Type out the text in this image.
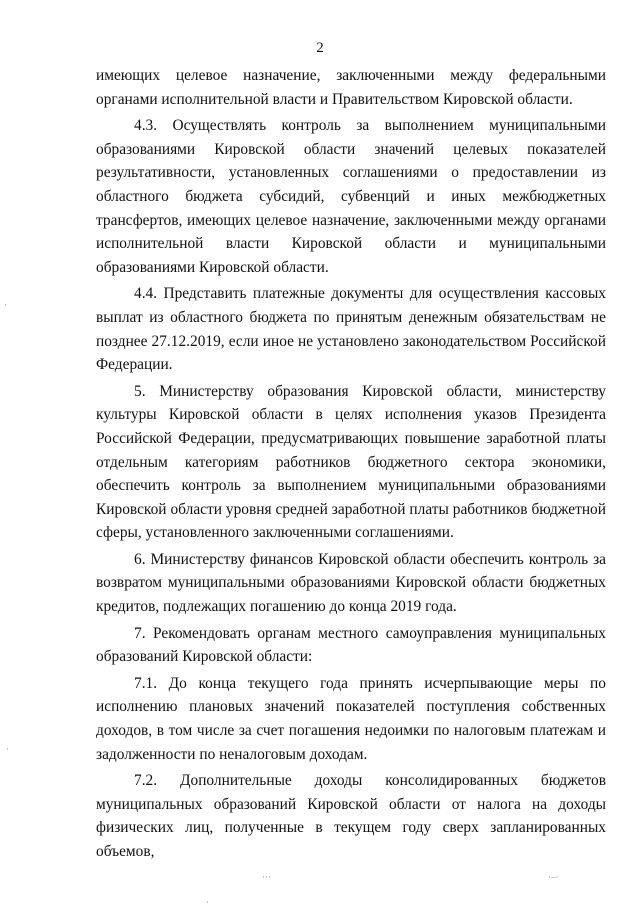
2

имеющих целевое назначение, заключенными между федеральными органами исполнительной власти и Правительством Кировской области.

4.3. Осуществлять контроль за выполнением муниципальными образованиями Кировской области значений целевых показателей результативности, установленных соглашениями о предоставлении из областного бюджета субсидий, субвенций и иных межбюджетных трансфертов, имеющих целевое назначение, заключенными между органами исполнительной власти Кировской области и муниципальными образованиями Кировской области.

4.4. Представить платежные документы для осуществления кассовых выплат из областного бюджета по принятым денежным обязательствам не позднее 27.12.2019, если иное не установлено законодательством Российской Федерации.

5. Министерству образования Кировской области, министерству культуры Кировской области в целях исполнения указов Президента Российской Федерации, предусматривающих повышение заработной платы отдельным категориям работников бюджетного сектора экономики, обеспечить контроль за выполнением муниципальными образованиями Кировской области уровня средней заработной платы работников бюджетной сферы, установленного заключенными соглашениями.

6. Министерству финансов Кировской области обеспечить контроль за возвратом муниципальными образованиями Кировской области бюджетных кредитов, подлежащих погашению до конца 2019 года.

7. Рекомендовать органам местного самоуправления муниципальных образований Кировской области:

7.1. До конца текущего года принять исчерпывающие меры по исполнению плановых значений показателей поступления собственных доходов, в том числе за счет погашения недоимки по налоговым платежам и задолженности по неналоговым доходам.

7.2. Дополнительные доходы консолидированных бюджетов муниципальных образований Кировской области от налога на доходы физических лиц, полученные в текущем году сверх запланированных объемов,

·
·
···	·–·
·
